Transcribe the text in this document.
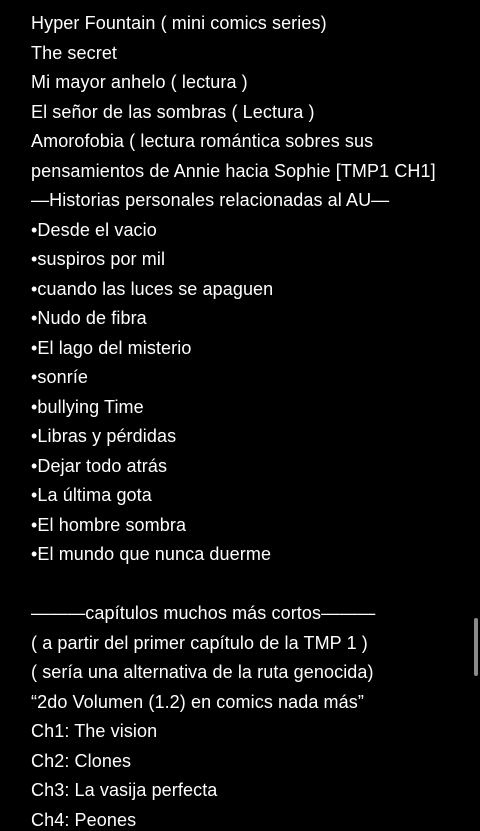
Hyper Fountain ( mini comics series)
The secret
Mi mayor anhelo ( lectura )
El señor de las sombras ( Lectura )
Amorofobia ( lectura romántica sobres sus
pensamientos de Annie hacia Sophie [TMP1 CH1]
—Historias personales relacionadas al AU—
•Desde el vacio
•suspiros por mil
•cuando las luces se apaguen
•Nudo de fibra
•El lago del misterio
•sonríe
•bullying Time
•Libras y pérdidas
•Dejar todo atrás
•La última gota
•El hombre sombra
•El mundo que nunca duerme
———capítulos muchos más cortos———
( a partir del primer capítulo de la TMP 1 )
( sería una alternativa de la ruta genocida)
“2do Volumen (1.2) en comics nada más”
Ch1: The vision
Ch2: Clones
Ch3: La vasija perfecta
Ch4: Peones
